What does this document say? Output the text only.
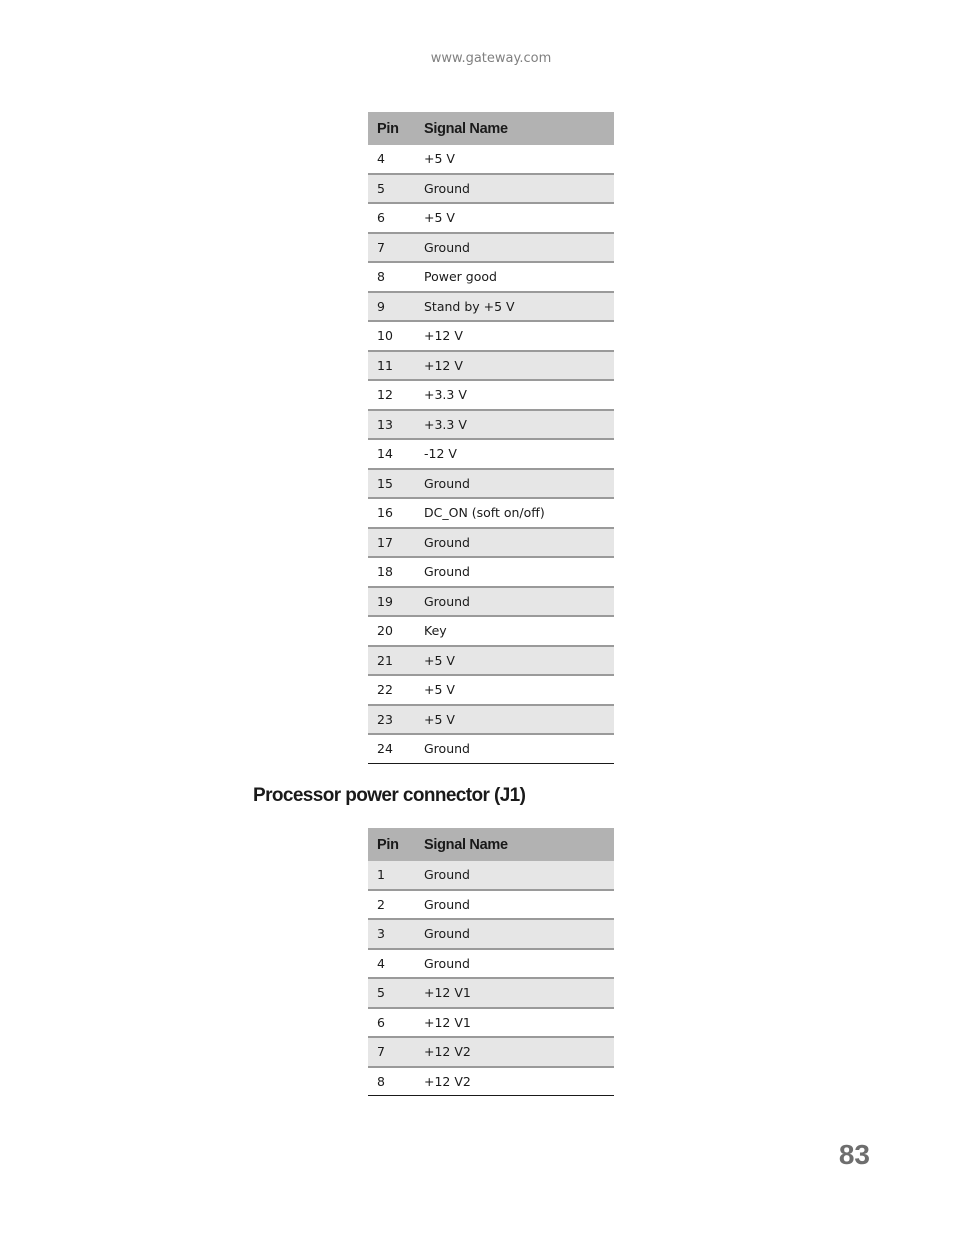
www.gateway.com
Pin	Signal Name
4	+5 V
5	Ground
6	+5 V
7	Ground
8	Power good
9	Stand by +5 V
10	+12 V
11	+12 V
12	+3.3 V
13	+3.3 V
14	-12 V
15	Ground
16	DC_ON (soft on/off)
17	Ground
18	Ground
19	Ground
20	Key
21	+5 V
22	+5 V
23	+5 V
24	Ground
Processor power connector (J1)
Pin	Signal Name
1	Ground
2	Ground
3	Ground
4	Ground
5	+12 V1
6	+12 V1
7	+12 V2
8	+12 V2
83
